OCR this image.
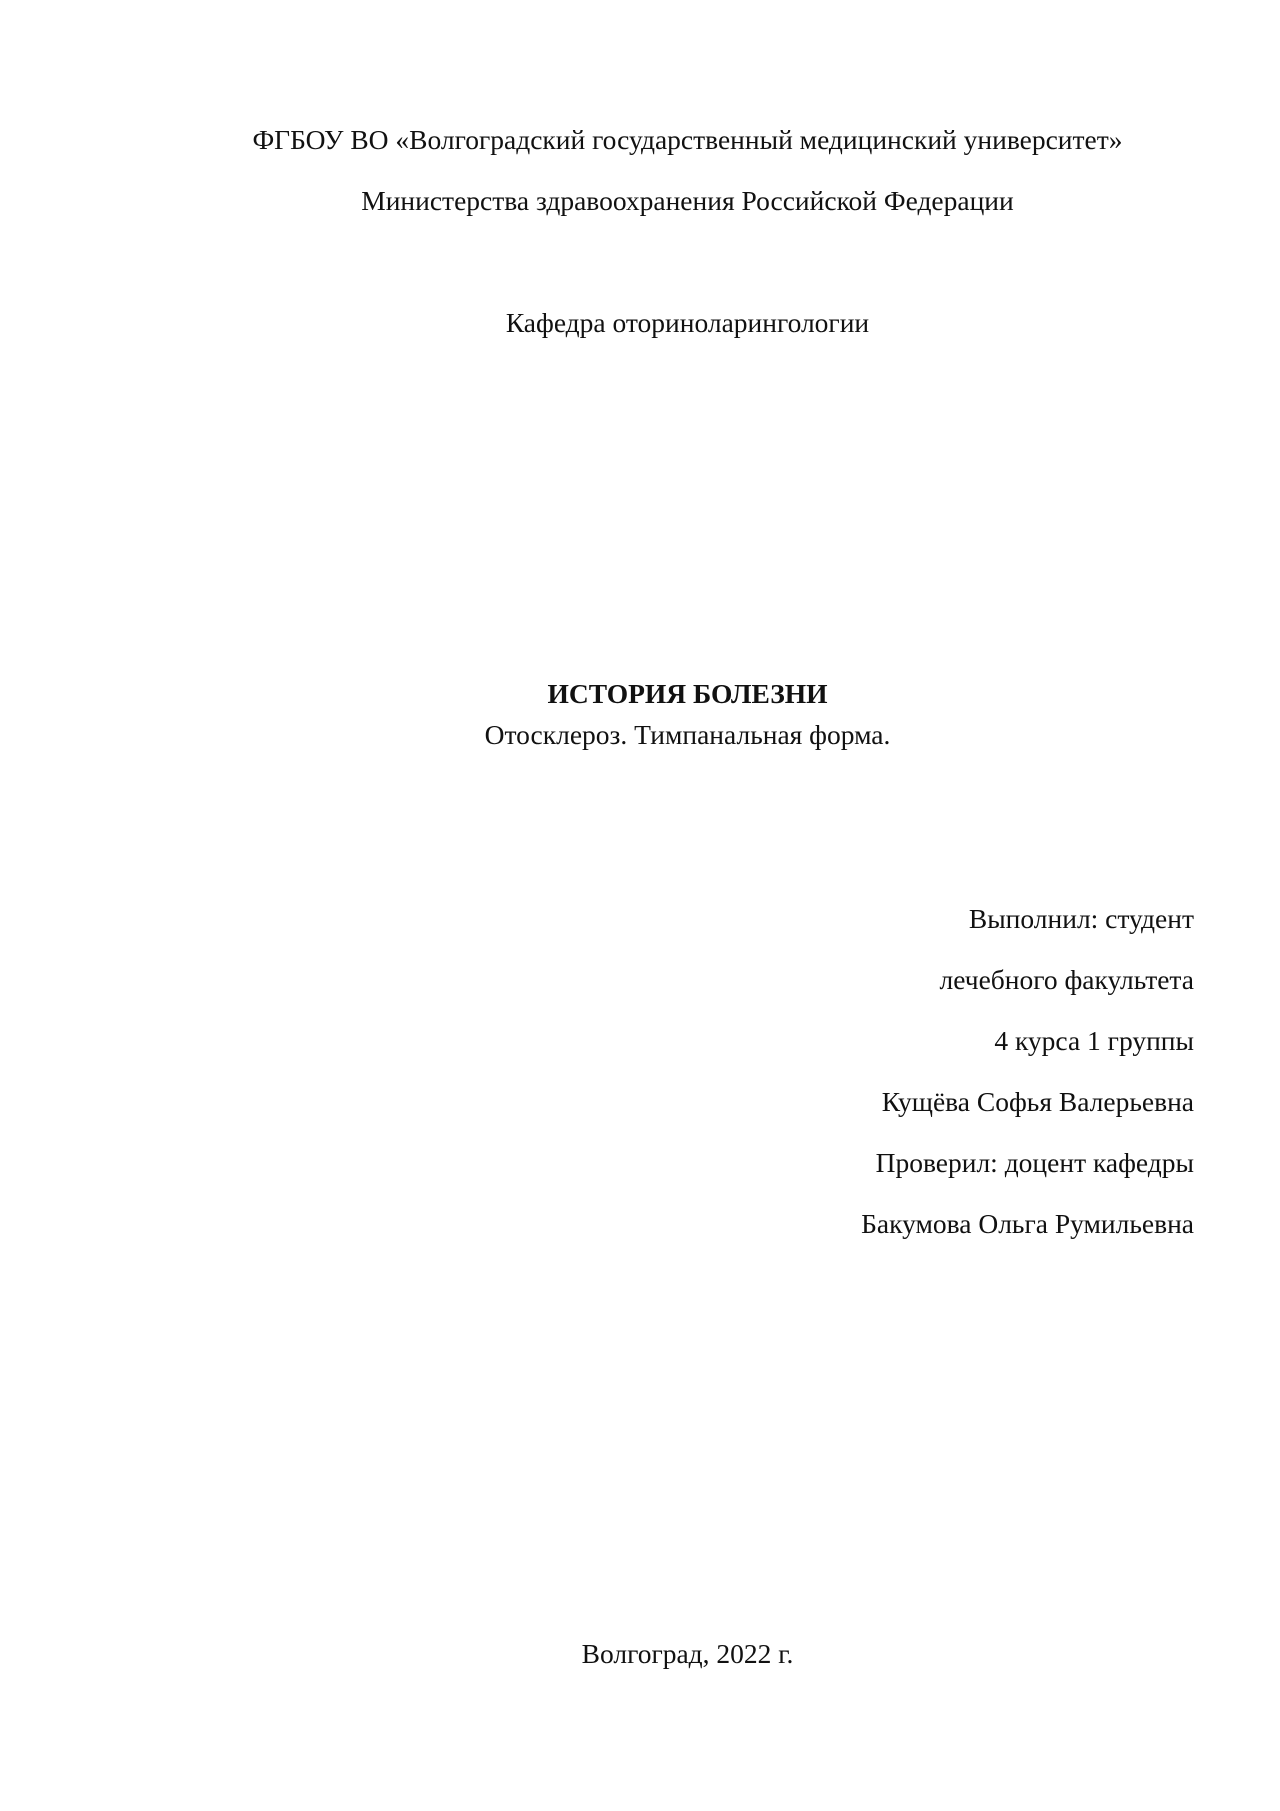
ФГБОУ ВО «Волгоградский государственный медицинский университет»
Министерства здравоохранения Российской Федерации
Кафедра оториноларингологии
ИСТОРИЯ БОЛЕЗНИ
Отосклероз. Тимпанальная форма.
Выполнил: студент
лечебного факультета
4 курса 1 группы
Кущёва Софья Валерьевна
Проверил: доцент кафедры
Бакумова Ольга Румильевна
Волгоград, 2022 г.
